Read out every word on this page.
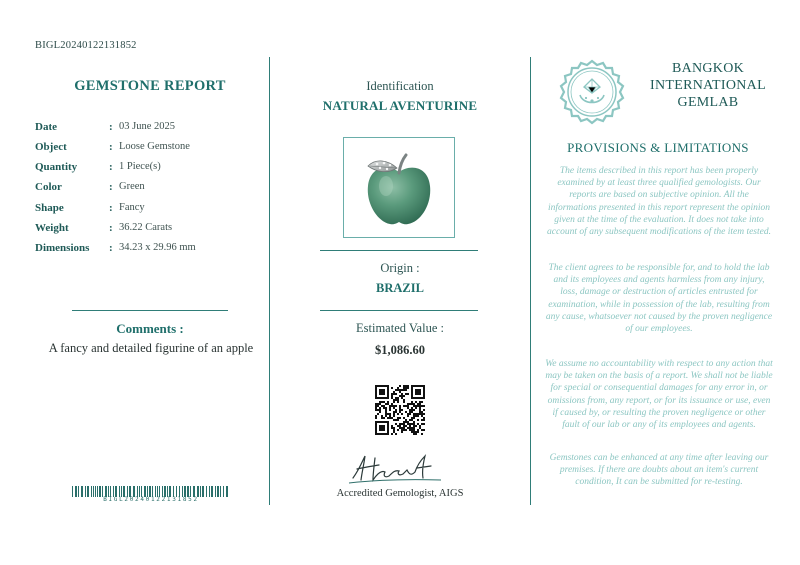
BIGL20240122131852
GEMSTONE REPORT
Date	: 03 June 2025
Object	: Loose Gemstone
Quantity	: 1 Piece(s)
Color	: Green
Shape	: Fancy
Weight	: 36.22 Carats
Dimensions : 34.23 x 29.96 mm
Comments :
A fancy and detailed figurine of an apple
BIGL20240122131852
Identification
NATURAL AVENTURINE
Origin :
BRAZIL
Estimated Value :
$1,086.60
Accredited Gemologist, AIGS
BANGKOK
INTERNATIONAL
GEMLAB
PROVISIONS & LIMITATIONS
The items described in this report has been properly examined by at least three qualified gemologists. Our reports are based on subjective opinion. All the informations presented in this report represent the opinion given at the time of the evaluation. It does not take into account of any subsequent modifications of the item tested.
The client agrees to be responsible for, and to hold the lab and its employees and agents harmless from any injury, loss, damage or destruction of articles entrusted for examination, while in possession of the lab, resulting from any cause, whatsoever not caused by the proven negligence of our employees.
We assume no accountability with respect to any action that may be taken on the basis of a report. We shall not be liable for special or consequential damages for any error in, or omissions from, any report, or for its issuance or use, even if caused by, or resulting the proven negligence or other fault of our lab or any of its employees and agents.
Gemstones can be enhanced at any time after leaving our premises. If there are doubts about an item's current condition, It can be submitted for re-testing.
